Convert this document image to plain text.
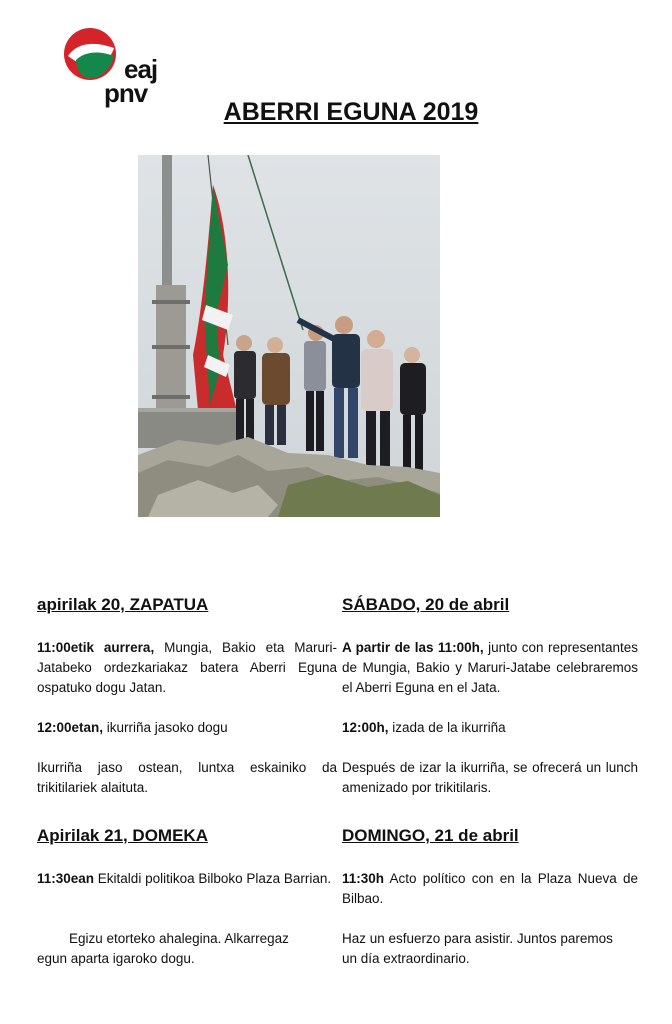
eaj
pnv
ABERRI EGUNA 2019

apirilak 20, ZAPATUA

11:00etik aurrera, Mungia, Bakio eta Maruri-Jatabeko ordezkariakaz batera Aberri Eguna ospatuko dogu Jatan.

12:00etan, ikurriña jasoko dogu

Ikurriña jaso ostean, luntxa eskainiko da trikitilariek alaituta.

Apirilak 21, DOMEKA

11:30ean Ekitaldi politikoa Bilboko Plaza Barrian.

Egizu etorteko ahalegina. Alkarregaz egun aparta igaroko dogu.

SÁBADO, 20 de abril

A partir de las 11:00h, junto con representantes de Mungia, Bakio y Maruri-Jatabe celebraremos el Aberri Eguna en el Jata.

12:00h, izada de la ikurriña

Después de izar la ikurriña, se ofrecerá un lunch amenizado por trikitilaris.

DOMINGO, 21 de abril

11:30h Acto político con en la Plaza Nueva de Bilbao.

Haz un esfuerzo para asistir. Juntos paremos un día extraordinario.
